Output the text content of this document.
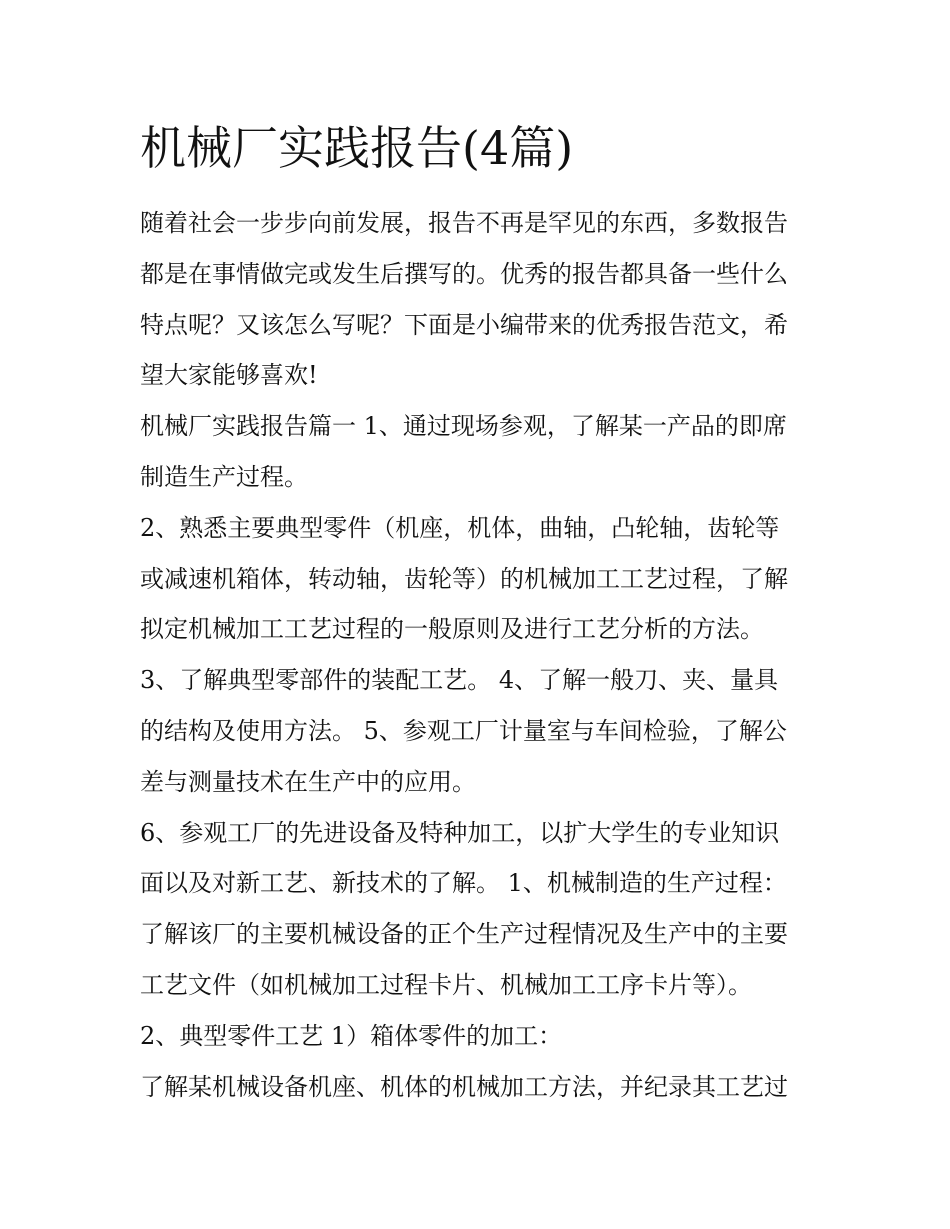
机械厂实践报告(4篇)

随着社会一步步向前发展，报告不再是罕见的东西，多数报告

都是在事情做完或发生后撰写的。优秀的报告都具备一些什么

特点呢？又该怎么写呢？下面是小编带来的优秀报告范文，希

望大家能够喜欢!

机械厂实践报告篇一 1、通过现场参观，了解某一产品的即席

制造生产过程。

2、熟悉主要典型零件（机座，机体，曲轴，凸轮轴，齿轮等

或减速机箱体，转动轴，齿轮等）的机械加工工艺过程，了解

拟定机械加工工艺过程的一般原则及进行工艺分析的方法。

3、了解典型零部件的装配工艺。 4、了解一般刀、夹、量具

的结构及使用方法。 5、参观工厂计量室与车间检验，了解公

差与测量技术在生产中的应用。

6、参观工厂的先进设备及特种加工，以扩大学生的专业知识

面以及对新工艺、新技术的了解。 1、机械制造的生产过程：

了解该厂的主要机械设备的正个生产过程情况及生产中的主要

工艺文件（如机械加工过程卡片、机械加工工序卡片等）。

2、典型零件工艺 1）箱体零件的加工：

了解某机械设备机座、机体的机械加工方法，并纪录其工艺过
